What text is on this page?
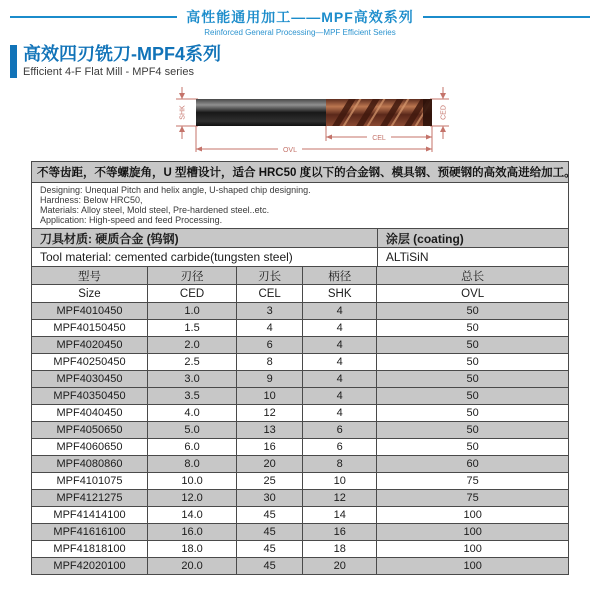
高性能通用加工——MPF高效系列
Reinforced General Processing—MPF Efficient Series
高效四刃铣刀-MPF4系列
Efficient 4-F Flat Mill - MPF4 series
SHK	CED
CEL
OVL
不等齿距，不等螺旋角，U 型槽设计，适合 HRC50 度以下的合金钢、模具钢、预硬钢的高效高进给加工。
Designing: Unequal Pitch and helix angle, U-shaped chip designing.
Hardness: Below HRC50,
Materials: Alloy steel, Mold steel, Pre-hardened steel..etc.
Application: High-speed and feed Processing.
刀具材质: 硬质合金 (钨钢)	涂层 (coating)
Tool material: cemented carbide(tungsten steel)	ALTiSiN
型号	刃径	刃长	柄径	总长
Size	CED	CEL	SHK	OVL
MPF4010450	1.0	3	4	50
MPF40150450	1.5	4	4	50
MPF4020450	2.0	6	4	50
MPF40250450	2.5	8	4	50
MPF4030450	3.0	9	4	50
MPF40350450	3.5	10	4	50
MPF4040450	4.0	12	4	50
MPF4050650	5.0	13	6	50
MPF4060650	6.0	16	6	50
MPF4080860	8.0	20	8	60
MPF4101075	10.0	25	10	75
MPF4121275	12.0	30	12	75
MPF41414100	14.0	45	14	100
MPF41616100	16.0	45	16	100
MPF41818100	18.0	45	18	100
MPF42020100	20.0	45	20	100
